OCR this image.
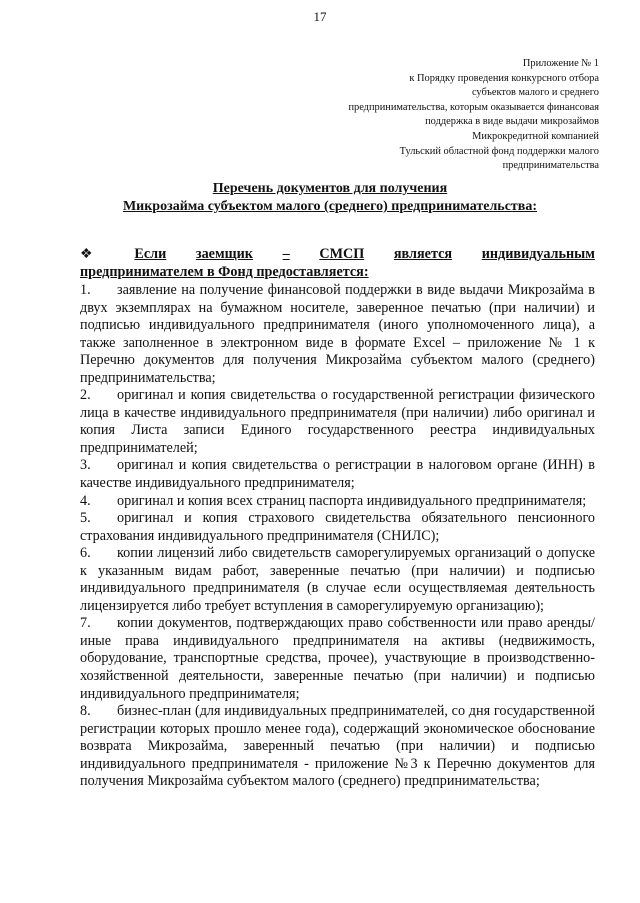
17
Приложение № 1
к Порядку проведения конкурсного отбора
субъектов малого и среднего
предпринимательства, которым оказывается финансовая
поддержка в виде выдачи микрозаймов
Микрокредитной компанией
Тульский областной фонд поддержки малого
предпринимательства
Перечень документов для получения
Микрозайма субъектом малого (среднего) предпринимательства:
❖	Если заемщик – СМСП является индивидуальным
предпринимателем в Фонд предоставляется:
1. заявление на получение финансовой поддержки в виде выдачи Микрозайма в двух экземплярах на бумажном носителе, заверенное печатью (при наличии) и подписью индивидуального предпринимателя (иного уполномоченного лица), а также заполненное в электронном виде в формате Excel – приложение № 1 к Перечню документов для получения Микрозайма субъектом малого (среднего) предпринимательства;
2. оригинал и копия свидетельства о государственной регистрации физического лица в качестве индивидуального предпринимателя (при наличии) либо оригинал и копия Листа записи Единого государственного реестра индивидуальных предпринимателей;
3. оригинал и копия свидетельства о регистрации в налоговом органе (ИНН) в качестве индивидуального предпринимателя;
4. оригинал и копия всех страниц паспорта индивидуального предпринимателя;
5. оригинал и копия страхового свидетельства обязательного пенсионного страхования индивидуального предпринимателя (СНИЛС);
6. копии лицензий либо свидетельств саморегулируемых организаций о допуске к указанным видам работ, заверенные печатью (при наличии) и подписью индивидуального предпринимателя (в случае если осуществляемая деятельность лицензируется либо требует вступления в саморегулируемую организацию);
7. копии документов, подтверждающих право собственности или право аренды/иные права индивидуального предпринимателя на активы (недвижимость, оборудование, транспортные средства, прочее), участвующие в производственно-хозяйственной деятельности, заверенные печатью (при наличии) и подписью индивидуального предпринимателя;
8. бизнес-план (для индивидуальных предпринимателей, со дня государственной регистрации которых прошло менее года), содержащий экономическое обоснование возврата Микрозайма, заверенный печатью (при наличии) и подписью индивидуального предпринимателя - приложение №3 к Перечню документов для получения Микрозайма субъектом малого (среднего) предпринимательства;
